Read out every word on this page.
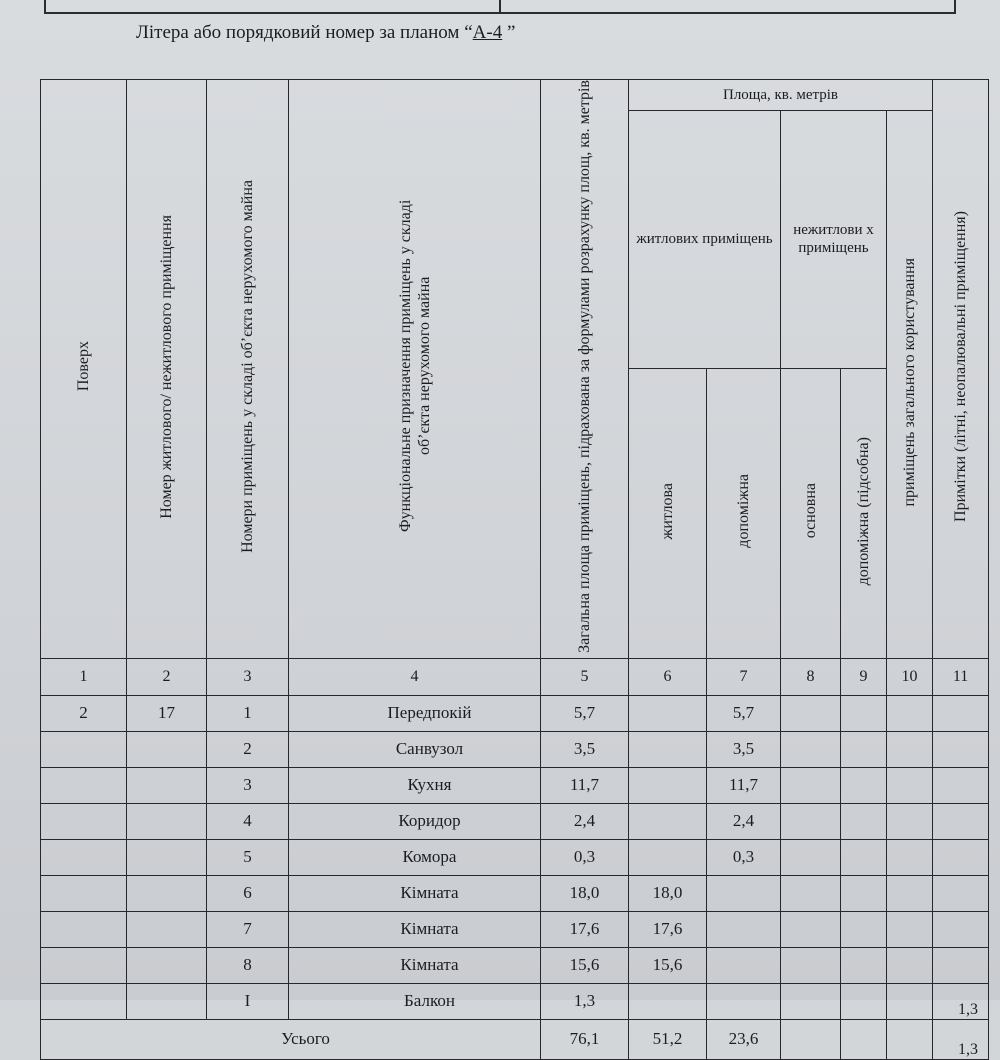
Літера або порядковий номер за планом “А-4 ”
Поверх	Номер житлового/ нежитлового приміщення	Номери приміщень у складі об’єкта нерухомого майна	Функціональне призначення приміщень у складі об’єкта нерухомого майна	Загальна площа приміщень, підрахована за формулами розрахунку площ, кв. метрів	Площа, кв. метрів					Примітки (літні, неопалювальні приміщення)
					житлових приміщень		нежитлови х приміщень		приміщень загального користування	
					житлова	допоміжна	основна	допоміжна (підсобна)		
1	2	3	4	5	6	7	8	9	10	11
2	17	1	Передпокій	5,7		5,7				
		2	Санвузол	3,5		3,5				
		3	Кухня	11,7		11,7				
		4	Коридор	2,4		2,4				
		5	Комора	0,3		0,3				
		6	Кімната	18,0	18,0					
		7	Кімната	17,6	17,6					
		8	Кімната	15,6	15,6					
		I	Балкон	1,3						1,3
Усього				76,1	51,2	23,6				1,3
